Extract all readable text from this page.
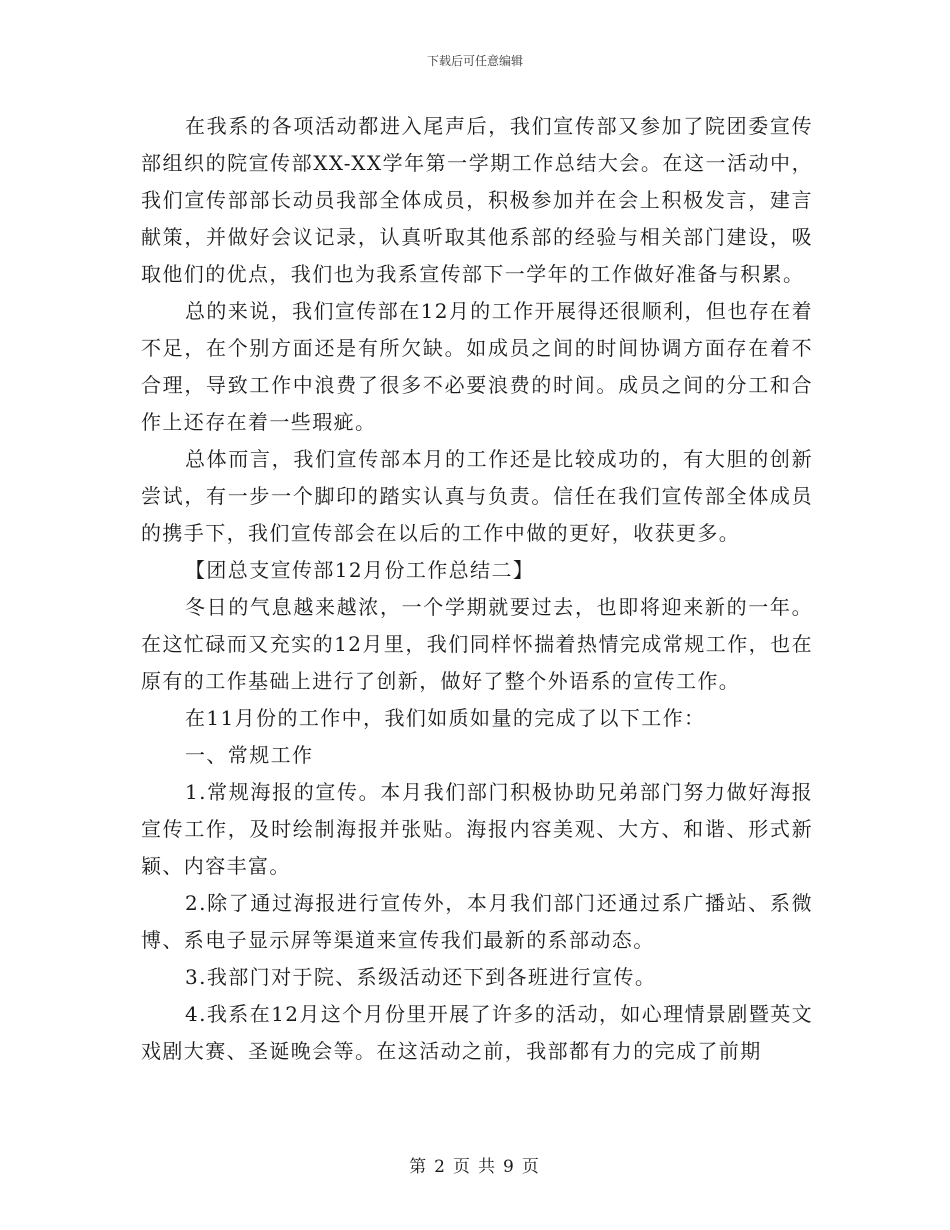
下载后可任意编辑

在我系的各项活动都进入尾声后，我们宣传部又参加了院团委宣传部组织的院宣传部XX-XX学年第一学期工作总结大会。在这一活动中，我们宣传部部长动员我部全体成员，积极参加并在会上积极发言，建言献策，并做好会议记录，认真听取其他系部的经验与相关部门建设，吸取他们的优点，我们也为我系宣传部下一学年的工作做好准备与积累。

总的来说，我们宣传部在12月的工作开展得还很顺利，但也存在着不足，在个别方面还是有所欠缺。如成员之间的时间协调方面存在着不合理，导致工作中浪费了很多不必要浪费的时间。成员之间的分工和合作上还存在着一些瑕疵。

总体而言，我们宣传部本月的工作还是比较成功的，有大胆的创新尝试，有一步一个脚印的踏实认真与负责。信任在我们宣传部全体成员的携手下，我们宣传部会在以后的工作中做的更好，收获更多。

【团总支宣传部12月份工作总结二】

冬日的气息越来越浓，一个学期就要过去，也即将迎来新的一年。在这忙碌而又充实的12月里，我们同样怀揣着热情完成常规工作，也在原有的工作基础上进行了创新，做好了整个外语系的宣传工作。

在11月份的工作中，我们如质如量的完成了以下工作：

一、常规工作

1.常规海报的宣传。本月我们部门积极协助兄弟部门努力做好海报宣传工作，及时绘制海报并张贴。海报内容美观、大方、和谐、形式新颖、内容丰富。

2.除了通过海报进行宣传外，本月我们部门还通过系广播站、系微博、系电子显示屏等渠道来宣传我们最新的系部动态。

3.我部门对于院、系级活动还下到各班进行宣传。

4.我系在12月这个月份里开展了许多的活动，如心理情景剧暨英文戏剧大赛、圣诞晚会等。在这活动之前，我部都有力的完成了前期

第 2 页 共 9 页
